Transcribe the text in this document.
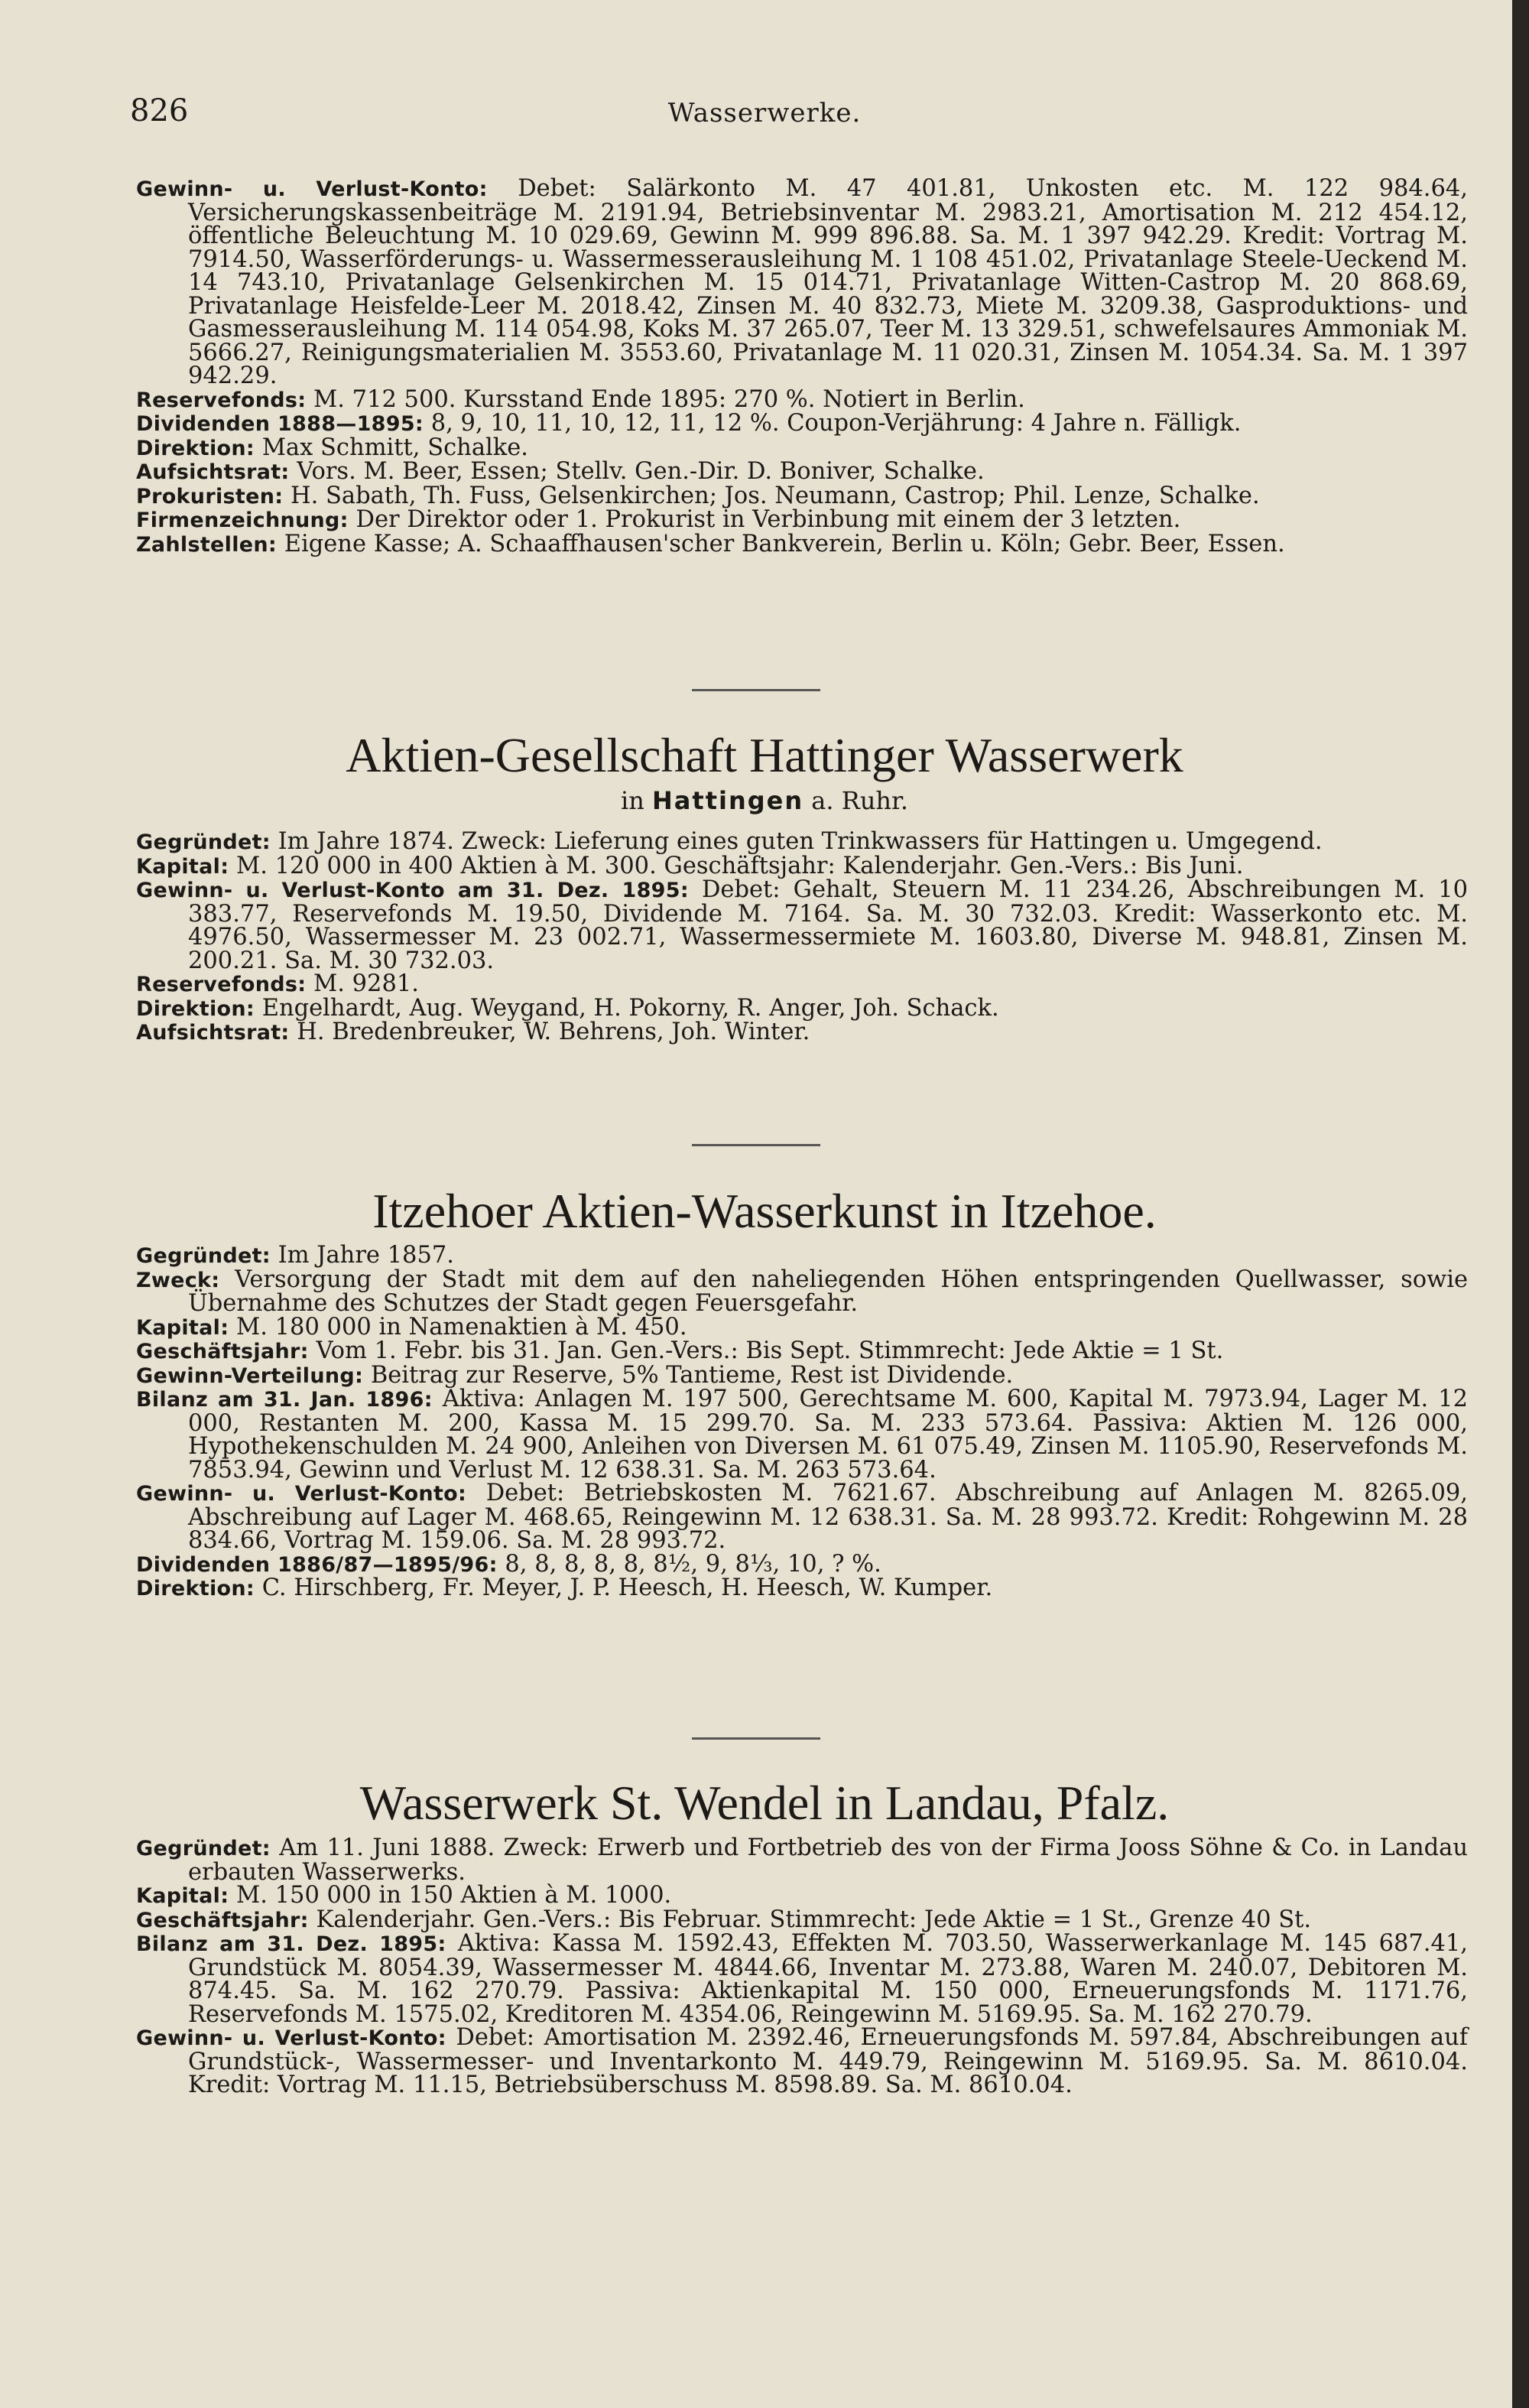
826	Wasserwerke.

Gewinn- u. Verlust-Konto: Debet: Salärkonto M. 47 401.81, Unkosten etc. M. 122 984.64, Versicherungskassenbeiträge M. 2191.94, Betriebsinventar M. 2983.21, Amortisation M. 212 454.12, öffentliche Beleuchtung M. 10 029.69, Gewinn M. 999 896.88. Sa. M. 1 397 942.29. Kredit: Vortrag M. 7914.50, Wasserförderungs- u. Wassermesserausleihung M. 1 108 451.02, Privatanlage Steele-Ueckend M. 14 743.10, Privatanlage Gelsenkirchen M. 15 014.71, Privatanlage Witten-Castrop M. 20 868.69, Privatanlage Heisfelde-Leer M. 2018.42, Zinsen M. 40 832.73, Miete M. 3209.38, Gasproduktions- und Gasmesserausleihung M. 114 054.98, Koks M. 37 265.07, Teer M. 13 329.51, schwefelsaures Ammoniak M. 5666.27, Reinigungsmaterialien M. 3553.60, Privatanlage M. 11 020.31, Zinsen M. 1054.34. Sa. M. 1 397 942.29.

Reservefonds: M. 712 500. Kursstand Ende 1895: 270 %. Notiert in Berlin.

Dividenden 1888—1895: 8, 9, 10, 11, 10, 12, 11, 12 %. Coupon-Verjährung: 4 Jahre n. Fälligk.

Direktion: Max Schmitt, Schalke.

Aufsichtsrat: Vors. M. Beer, Essen; Stellv. Gen.-Dir. D. Boniver, Schalke.

Prokuristen: H. Sabath, Th. Fuss, Gelsenkirchen; Jos. Neumann, Castrop; Phil. Lenze, Schalke.

Firmenzeichnung: Der Direktor oder 1. Prokurist in Verbinbung mit einem der 3 letzten.

Zahlstellen: Eigene Kasse; A. Schaaffhausen'scher Bankverein, Berlin u. Köln; Gebr. Beer, Essen.

Aktien-Gesellschaft Hattinger Wasserwerk
in Hattingen a. Ruhr.

Gegründet: Im Jahre 1874. Zweck: Lieferung eines guten Trinkwassers für Hattingen u. Umgegend.

Kapital: M. 120 000 in 400 Aktien à M. 300. Geschäftsjahr: Kalenderjahr. Gen.-Vers.: Bis Juni.

Gewinn- u. Verlust-Konto am 31. Dez. 1895: Debet: Gehalt, Steuern M. 11 234.26, Abschreibungen M. 10 383.77, Reservefonds M. 19.50, Dividende M. 7164. Sa. M. 30 732.03. Kredit: Wasserkonto etc. M. 4976.50, Wassermesser M. 23 002.71, Wassermessermiete M. 1603.80, Diverse M. 948.81, Zinsen M. 200.21. Sa. M. 30 732.03.

Reservefonds: M. 9281.

Direktion: Engelhardt, Aug. Weygand, H. Pokorny, R. Anger, Joh. Schack.

Aufsichtsrat: H. Bredenbreuker, W. Behrens, Joh. Winter.

Itzehoer Aktien-Wasserkunst in Itzehoe.

Gegründet: Im Jahre 1857.

Zweck: Versorgung der Stadt mit dem auf den naheliegenden Höhen entspringenden Quellwasser, sowie Übernahme des Schutzes der Stadt gegen Feuersgefahr.

Kapital: M. 180 000 in Namenaktien à M. 450.

Geschäftsjahr: Vom 1. Febr. bis 31. Jan. Gen.-Vers.: Bis Sept. Stimmrecht: Jede Aktie = 1 St.

Gewinn-Verteilung: Beitrag zur Reserve, 5% Tantieme, Rest ist Dividende.

Bilanz am 31. Jan. 1896: Aktiva: Anlagen M. 197 500, Gerechtsame M. 600, Kapital M. 7973.94, Lager M. 12 000, Restanten M. 200, Kassa M. 15 299.70. Sa. M. 233 573.64. Passiva: Aktien M. 126 000, Hypothekenschulden M. 24 900, Anleihen von Diversen M. 61 075.49, Zinsen M. 1105.90, Reservefonds M. 7853.94, Gewinn und Verlust M. 12 638.31. Sa. M. 263 573.64.

Gewinn- u. Verlust-Konto: Debet: Betriebskosten M. 7621.67. Abschreibung auf Anlagen M. 8265.09, Abschreibung auf Lager M. 468.65, Reingewinn M. 12 638.31. Sa. M. 28 993.72. Kredit: Rohgewinn M. 28 834.66, Vortrag M. 159.06. Sa. M. 28 993.72.

Dividenden 1886/87—1895/96: 8, 8, 8, 8, 8, 8½, 9, 8⅓, 10, ? %.

Direktion: C. Hirschberg, Fr. Meyer, J. P. Heesch, H. Heesch, W. Kumper.

Wasserwerk St. Wendel in Landau, Pfalz.

Gegründet: Am 11. Juni 1888. Zweck: Erwerb und Fortbetrieb des von der Firma Jooss Söhne & Co. in Landau erbauten Wasserwerks.

Kapital: M. 150 000 in 150 Aktien à M. 1000.

Geschäftsjahr: Kalenderjahr. Gen.-Vers.: Bis Februar. Stimmrecht: Jede Aktie = 1 St., Grenze 40 St.

Bilanz am 31. Dez. 1895: Aktiva: Kassa M. 1592.43, Effekten M. 703.50, Wasserwerkanlage M. 145 687.41, Grundstück M. 8054.39, Wassermesser M. 4844.66, Inventar M. 273.88, Waren M. 240.07, Debitoren M. 874.45. Sa. M. 162 270.79. Passiva: Aktienkapital M. 150 000, Erneuerungsfonds M. 1171.76, Reservefonds M. 1575.02, Kreditoren M. 4354.06, Reingewinn M. 5169.95. Sa. M. 162 270.79.

Gewinn- u. Verlust-Konto: Debet: Amortisation M. 2392.46, Erneuerungsfonds M. 597.84, Abschreibungen auf Grundstück-, Wassermesser- und Inventarkonto M. 449.79, Reingewinn M. 5169.95. Sa. M. 8610.04. Kredit: Vortrag M. 11.15, Betriebsüberschuss M. 8598.89. Sa. M. 8610.04.
